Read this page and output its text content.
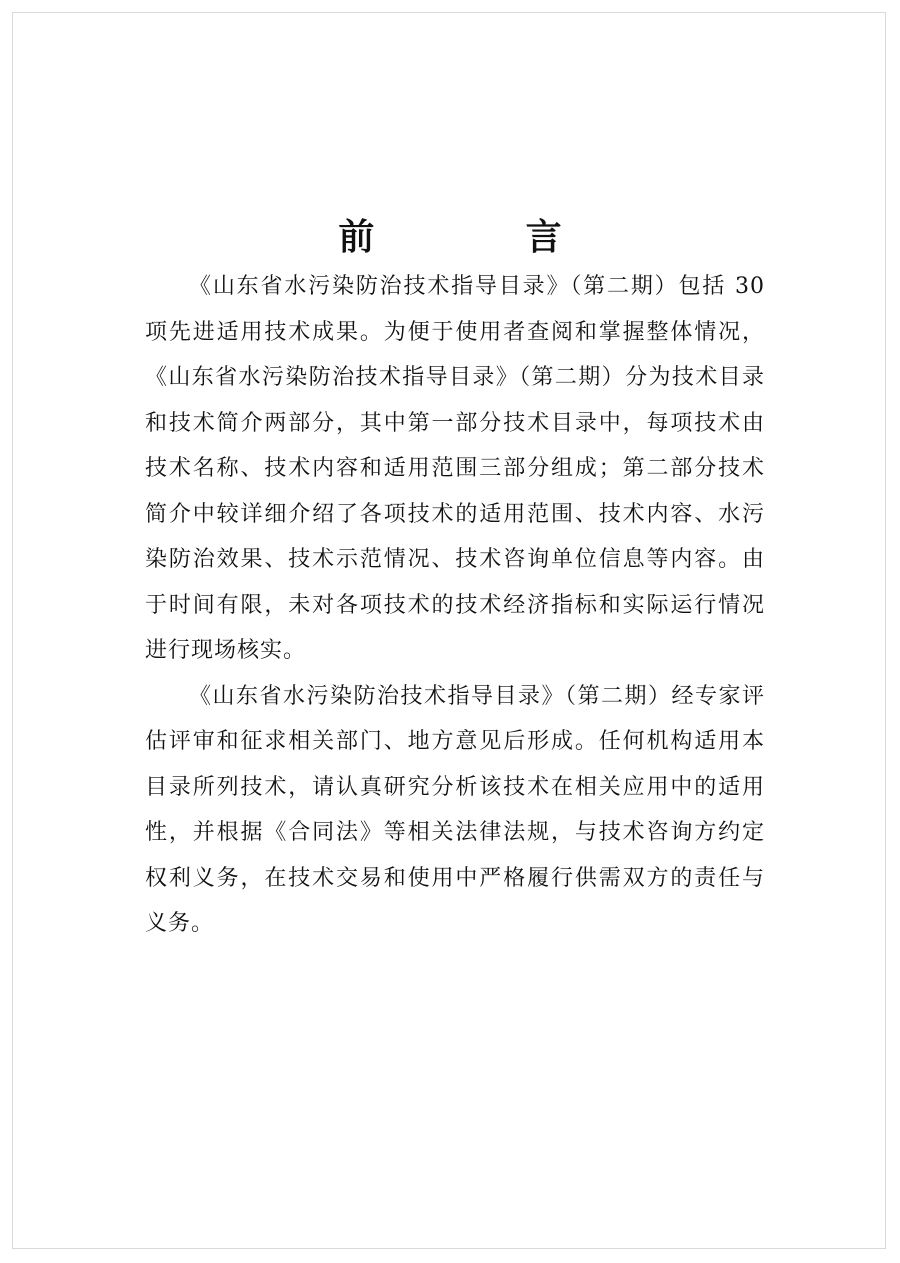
前　言

《山东省水污染防治技术指导目录》（第二期）包括 30 项先进适用技术成果。为便于使用者查阅和掌握整体情况，《山东省水污染防治技术指导目录》（第二期）分为技术目录和技术简介两部分，其中第一部分技术目录中，每项技术由技术名称、技术内容和适用范围三部分组成；第二部分技术简介中较详细介绍了各项技术的适用范围、技术内容、水污染防治效果、技术示范情况、技术咨询单位信息等内容。由于时间有限，未对各项技术的技术经济指标和实际运行情况进行现场核实。

《山东省水污染防治技术指导目录》（第二期）经专家评估评审和征求相关部门、地方意见后形成。任何机构适用本目录所列技术，请认真研究分析该技术在相关应用中的适用性，并根据《合同法》等相关法律法规，与技术咨询方约定权利义务，在技术交易和使用中严格履行供需双方的责任与义务。
